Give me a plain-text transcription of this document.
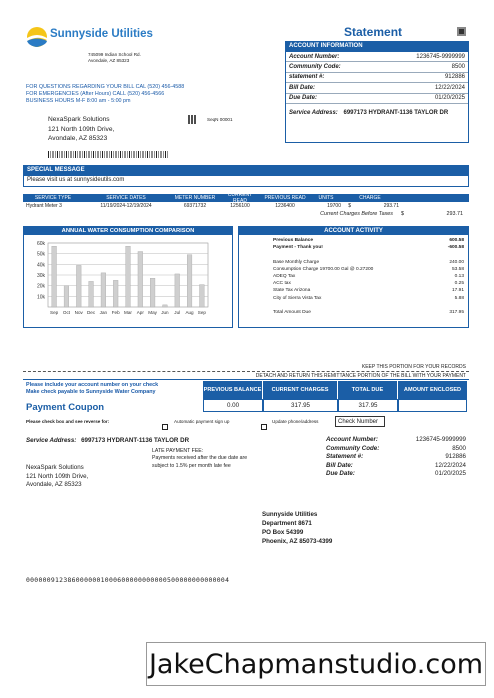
Sunnyside Utilities
745099 Indian School Rd.
Avondale, AZ 85323
FOR QUESTIONS REGARDING YOUR BILL CAL (520) 456-4588
FOR EMERGENCIES (After Hours) CALL (520) 456-4566
BUSINESS HOURS M-F 8:00 am - 5:00 pm
NexaSpark Solutions
121 North 109th Drive,
Avondale, AZ 85323
SeqN 00001
Statement
ACCOUNT INFORMATION
Account Number:	1236745-9999999
Community Code:	8500
statement #:	912886
Bill Date:	12/22/2024
Due Date:	01/20/2025
Service Address: 6997173 HYDRANT-1136 TAYLOR DR
SPECIAL MESSAGE
Please visit us at sunnysideutils.com
SERVICE TYPE	SERVICE DATES	METER NUMBER	CURRENT READ	PREVIOUS READ	UNITS	CHARGE
Hydrant Meter 3	11/19/2024-12/19/2024	69371732	1256100	1236400	19700	$	293.71
Current Charges Before Taxes $	293.71
ANNUAL WATER CONSUMPTION COMPARISON
10k
20k
30k
40k
50k
60k
Sep Oct Nov Dec Jan Feb Mar Apr May Jun Jul Aug Sep
ACCOUNT ACTIVITY
Previous Balance	600.58
Payment - Thank you!	-600.58
Base Monthly Charge	240.00
Consumption Charge 19700.00 Gal @ 0.27200	53.58
ADEQ Tax	0.13
ACC tax	0.25
State Tax Arizona	17.91
City of Sierra Vista Tax	5.88
Total Amount Due	317.95
KEEP THIS PORTION FOR YOUR RECORDS
DETACH AND RETURN THIS REMITTANCE PORTION OF THE BILL WITH YOUR PAYMENT
Please include your account number on your check
Make check payable to Sunnyside Water Company
Payment Coupon
PREVIOUS BALANCE	CURRENT CHARGES	TOTAL DUE	AMOUNT ENCLOSED
0.00	317.95	317.95
Check Number
Please check box and see reverse for:	Automatic payment sign up	Update phone/address
Service Address: 6997173 HYDRANT-1136 TAYLOR DR
LATE PAYMENT FEE:
Payments received after the due date are subject to 1.5% per month late fee
NexaSpark Solutions
121 North 109th Drive,
Avondale, AZ 85323
Account Number:	1236745-9999999
Community Code:	8500
Statement #:	912886
Bill Date:	12/22/2024
Due Date:	01/20/2025
Sunnyside Utilities
Department 8671
PO Box 54399
Phoenix, AZ 85073-4399
0000009123860000001000600000000000500000000000004
JakeChapmanstudio.com
